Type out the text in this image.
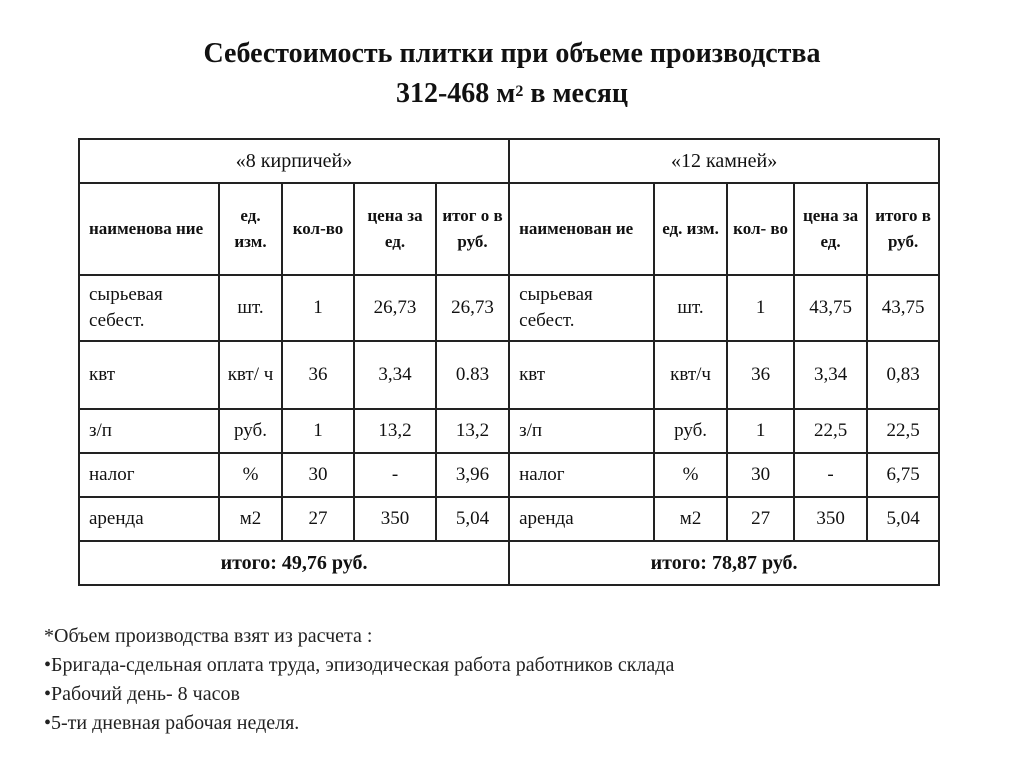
Себестоимость плитки при объеме производства
312-468 $м^2$ в месяц
«8 кирпичей»					«12 камней»				
наименова ние	ед. изм.	кол-во	цена за ед.	итог о в руб.	наименован ие	ед. изм.	кол- во	цена за ед.	итого в руб.
сырьевая себест.	шт.	1	26,73	26,73	сырьевая себест.	шт.	1	43,75	43,75
квт	квт/ ч	36	3,34	0.83	квт	квт/ч	36	3,34	0,83
з/п	руб.	1	13,2	13,2	з/п	руб.	1	22,5	22,5
налог	%	30	-	3,96	налог	%	30	-	6,75
аренда	м2	27	350	5,04	аренда	м2	27	350	5,04
итого: 49,76 руб.					итого: 78,87 руб.				
*Объем производства взят из расчета :
•Бригада-сдельная оплата труда, эпизодическая работа работников склада
•Рабочий день- 8 часов
•5-ти дневная рабочая неделя.
